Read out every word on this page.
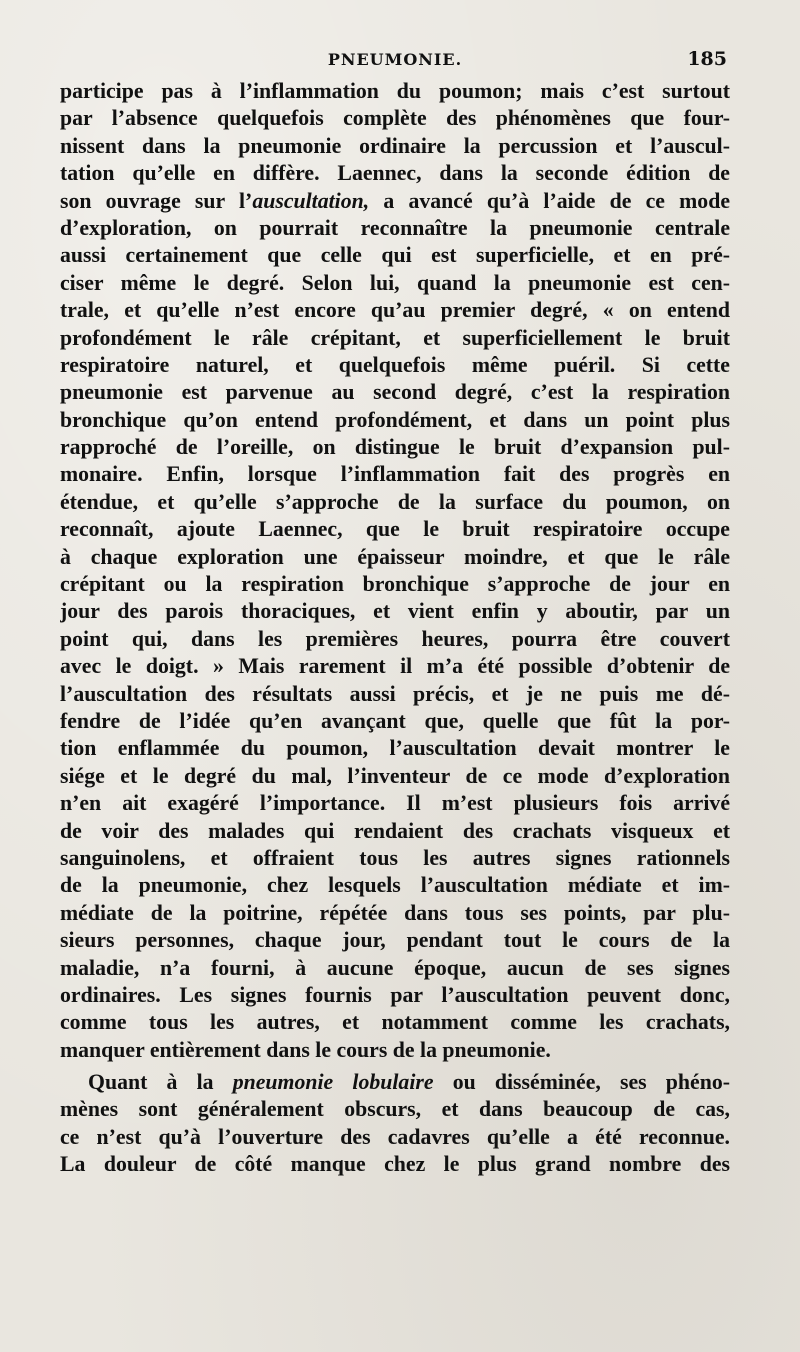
PNEUMONIE.	185
participe pas à l’inflammation du poumon; mais c’est surtout
par l’absence quelquefois complète des phénomènes que four-
nissent dans la pneumonie ordinaire la percussion et l’auscul-
tation qu’elle en diffère. Laennec, dans la seconde édition de
son ouvrage sur l’auscultation, a avancé qu’à l’aide de ce mode
d’exploration, on pourrait reconnaître la pneumonie centrale
aussi certainement que celle qui est superficielle, et en pré-
ciser même le degré. Selon lui, quand la pneumonie est cen-
trale, et qu’elle n’est encore qu’au premier degré, « on entend
profondément le râle crépitant, et superficiellement le bruit
respiratoire naturel, et quelquefois même puéril. Si cette
pneumonie est parvenue au second degré, c’est la respiration
bronchique qu’on entend profondément, et dans un point plus
rapproché de l’oreille, on distingue le bruit d’expansion pul-
monaire. Enfin, lorsque l’inflammation fait des progrès en
étendue, et qu’elle s’approche de la surface du poumon, on
reconnaît, ajoute Laennec, que le bruit respiratoire occupe
à chaque exploration une épaisseur moindre, et que le râle
crépitant ou la respiration bronchique s’approche de jour en
jour des parois thoraciques, et vient enfin y aboutir, par un
point qui, dans les premières heures, pourra être couvert
avec le doigt. » Mais rarement il m’a été possible d’obtenir de
l’auscultation des résultats aussi précis, et je ne puis me dé-
fendre de l’idée qu’en avançant que, quelle que fût la por-
tion enflammée du poumon, l’auscultation devait montrer le
siége et le degré du mal, l’inventeur de ce mode d’exploration
n’en ait exagéré l’importance. Il m’est plusieurs fois arrivé
de voir des malades qui rendaient des crachats visqueux et
sanguinolens, et offraient tous les autres signes rationnels
de la pneumonie, chez lesquels l’auscultation médiate et im-
médiate de la poitrine, répétée dans tous ses points, par plu-
sieurs personnes, chaque jour, pendant tout le cours de la
maladie, n’a fourni, à aucune époque, aucun de ses signes
ordinaires. Les signes fournis par l’auscultation peuvent donc,
comme tous les autres, et notamment comme les crachats,
manquer entièrement dans le cours de la pneumonie.
Quant à la pneumonie lobulaire ou disséminée, ses phéno-
mènes sont généralement obscurs, et dans beaucoup de cas,
ce n’est qu’à l’ouverture des cadavres qu’elle a été reconnue.
La douleur de côté manque chez le plus grand nombre des
